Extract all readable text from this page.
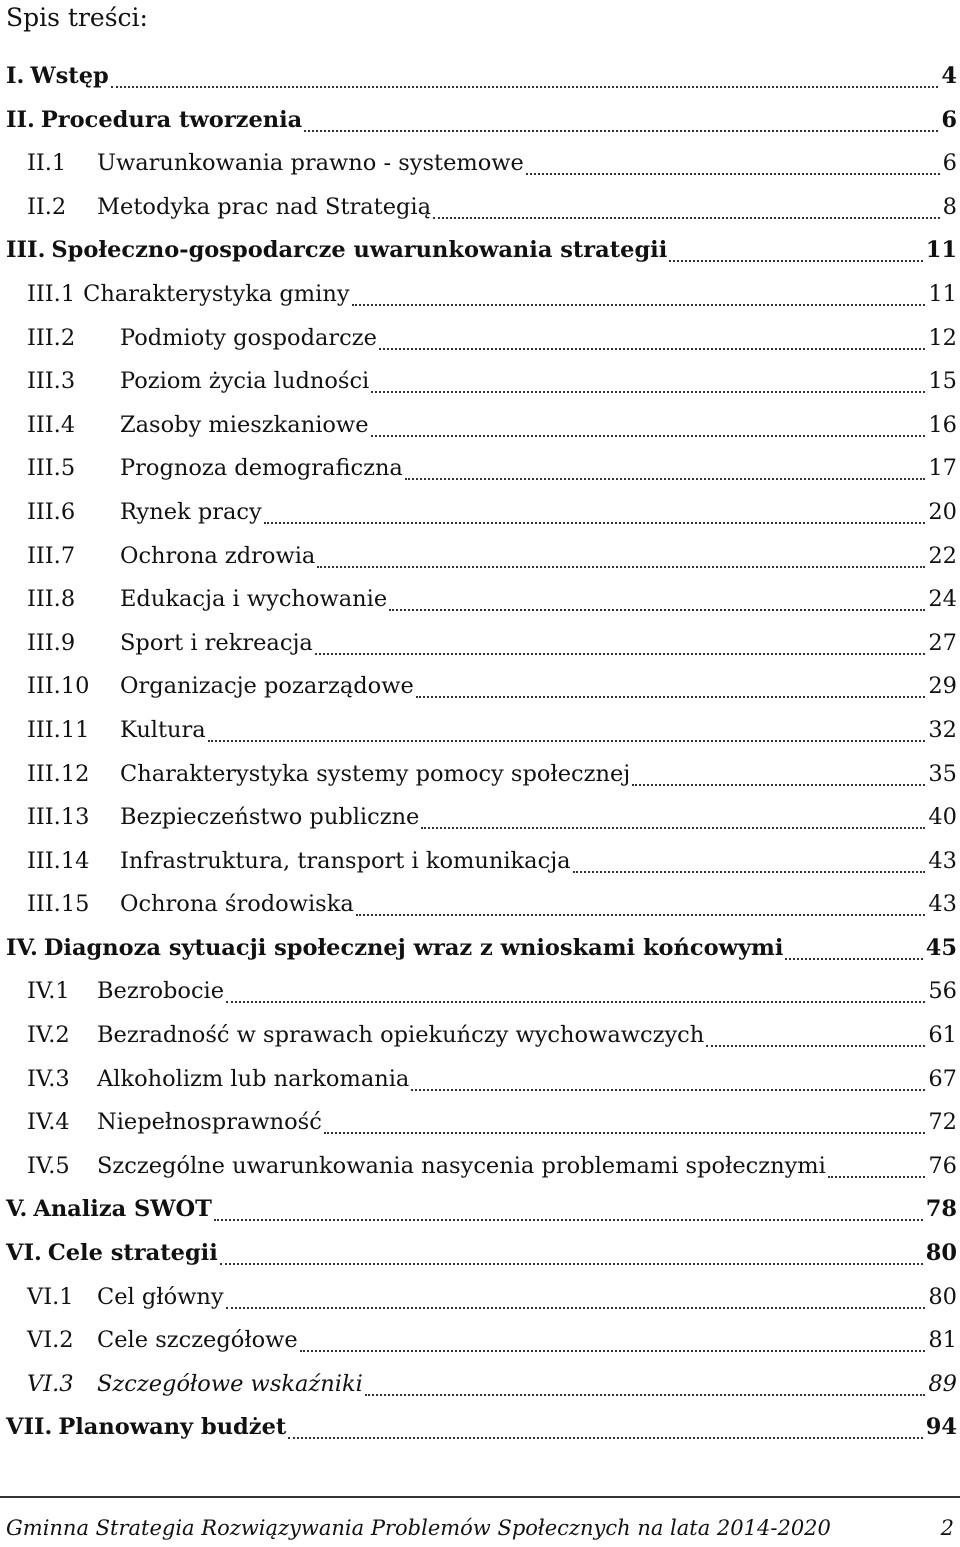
Spis treści:
I. Wstęp	4
II. Procedura tworzenia	6
II.1	Uwarunkowania prawno - systemowe	6
II.2	Metodyka prac nad Strategią	8
III. Społeczno-gospodarcze uwarunkowania strategii	11
III.1 Charakterystyka gminy	11
III.2	Podmioty gospodarcze	12
III.3	Poziom życia ludności	15
III.4	Zasoby mieszkaniowe	16
III.5	Prognoza demograficzna	17
III.6	Rynek pracy	20
III.7	Ochrona zdrowia	22
III.8	Edukacja i wychowanie	24
III.9	Sport i rekreacja	27
III.10	Organizacje pozarządowe	29
III.11	Kultura	32
III.12	Charakterystyka systemy pomocy społecznej	35
III.13	Bezpieczeństwo publiczne	40
III.14	Infrastruktura, transport i komunikacja	43
III.15	Ochrona środowiska	43
IV. Diagnoza sytuacji społecznej wraz z wnioskami końcowymi	45
IV.1	Bezrobocie	56
IV.2	Bezradność w sprawach opiekuńczy wychowawczych	61
IV.3	Alkoholizm lub narkomania	67
IV.4	Niepełnosprawność	72
IV.5	Szczególne uwarunkowania nasycenia problemami społecznymi	76
V. Analiza SWOT	78
VI. Cele strategii	80
VI.1	Cel główny	80
VI.2	Cele szczegółowe	81
VI.3	Szczegółowe wskaźniki	89
VII. Planowany budżet	94
Gminna Strategia Rozwiązywania Problemów Społecznych na lata 2014-2020	2
